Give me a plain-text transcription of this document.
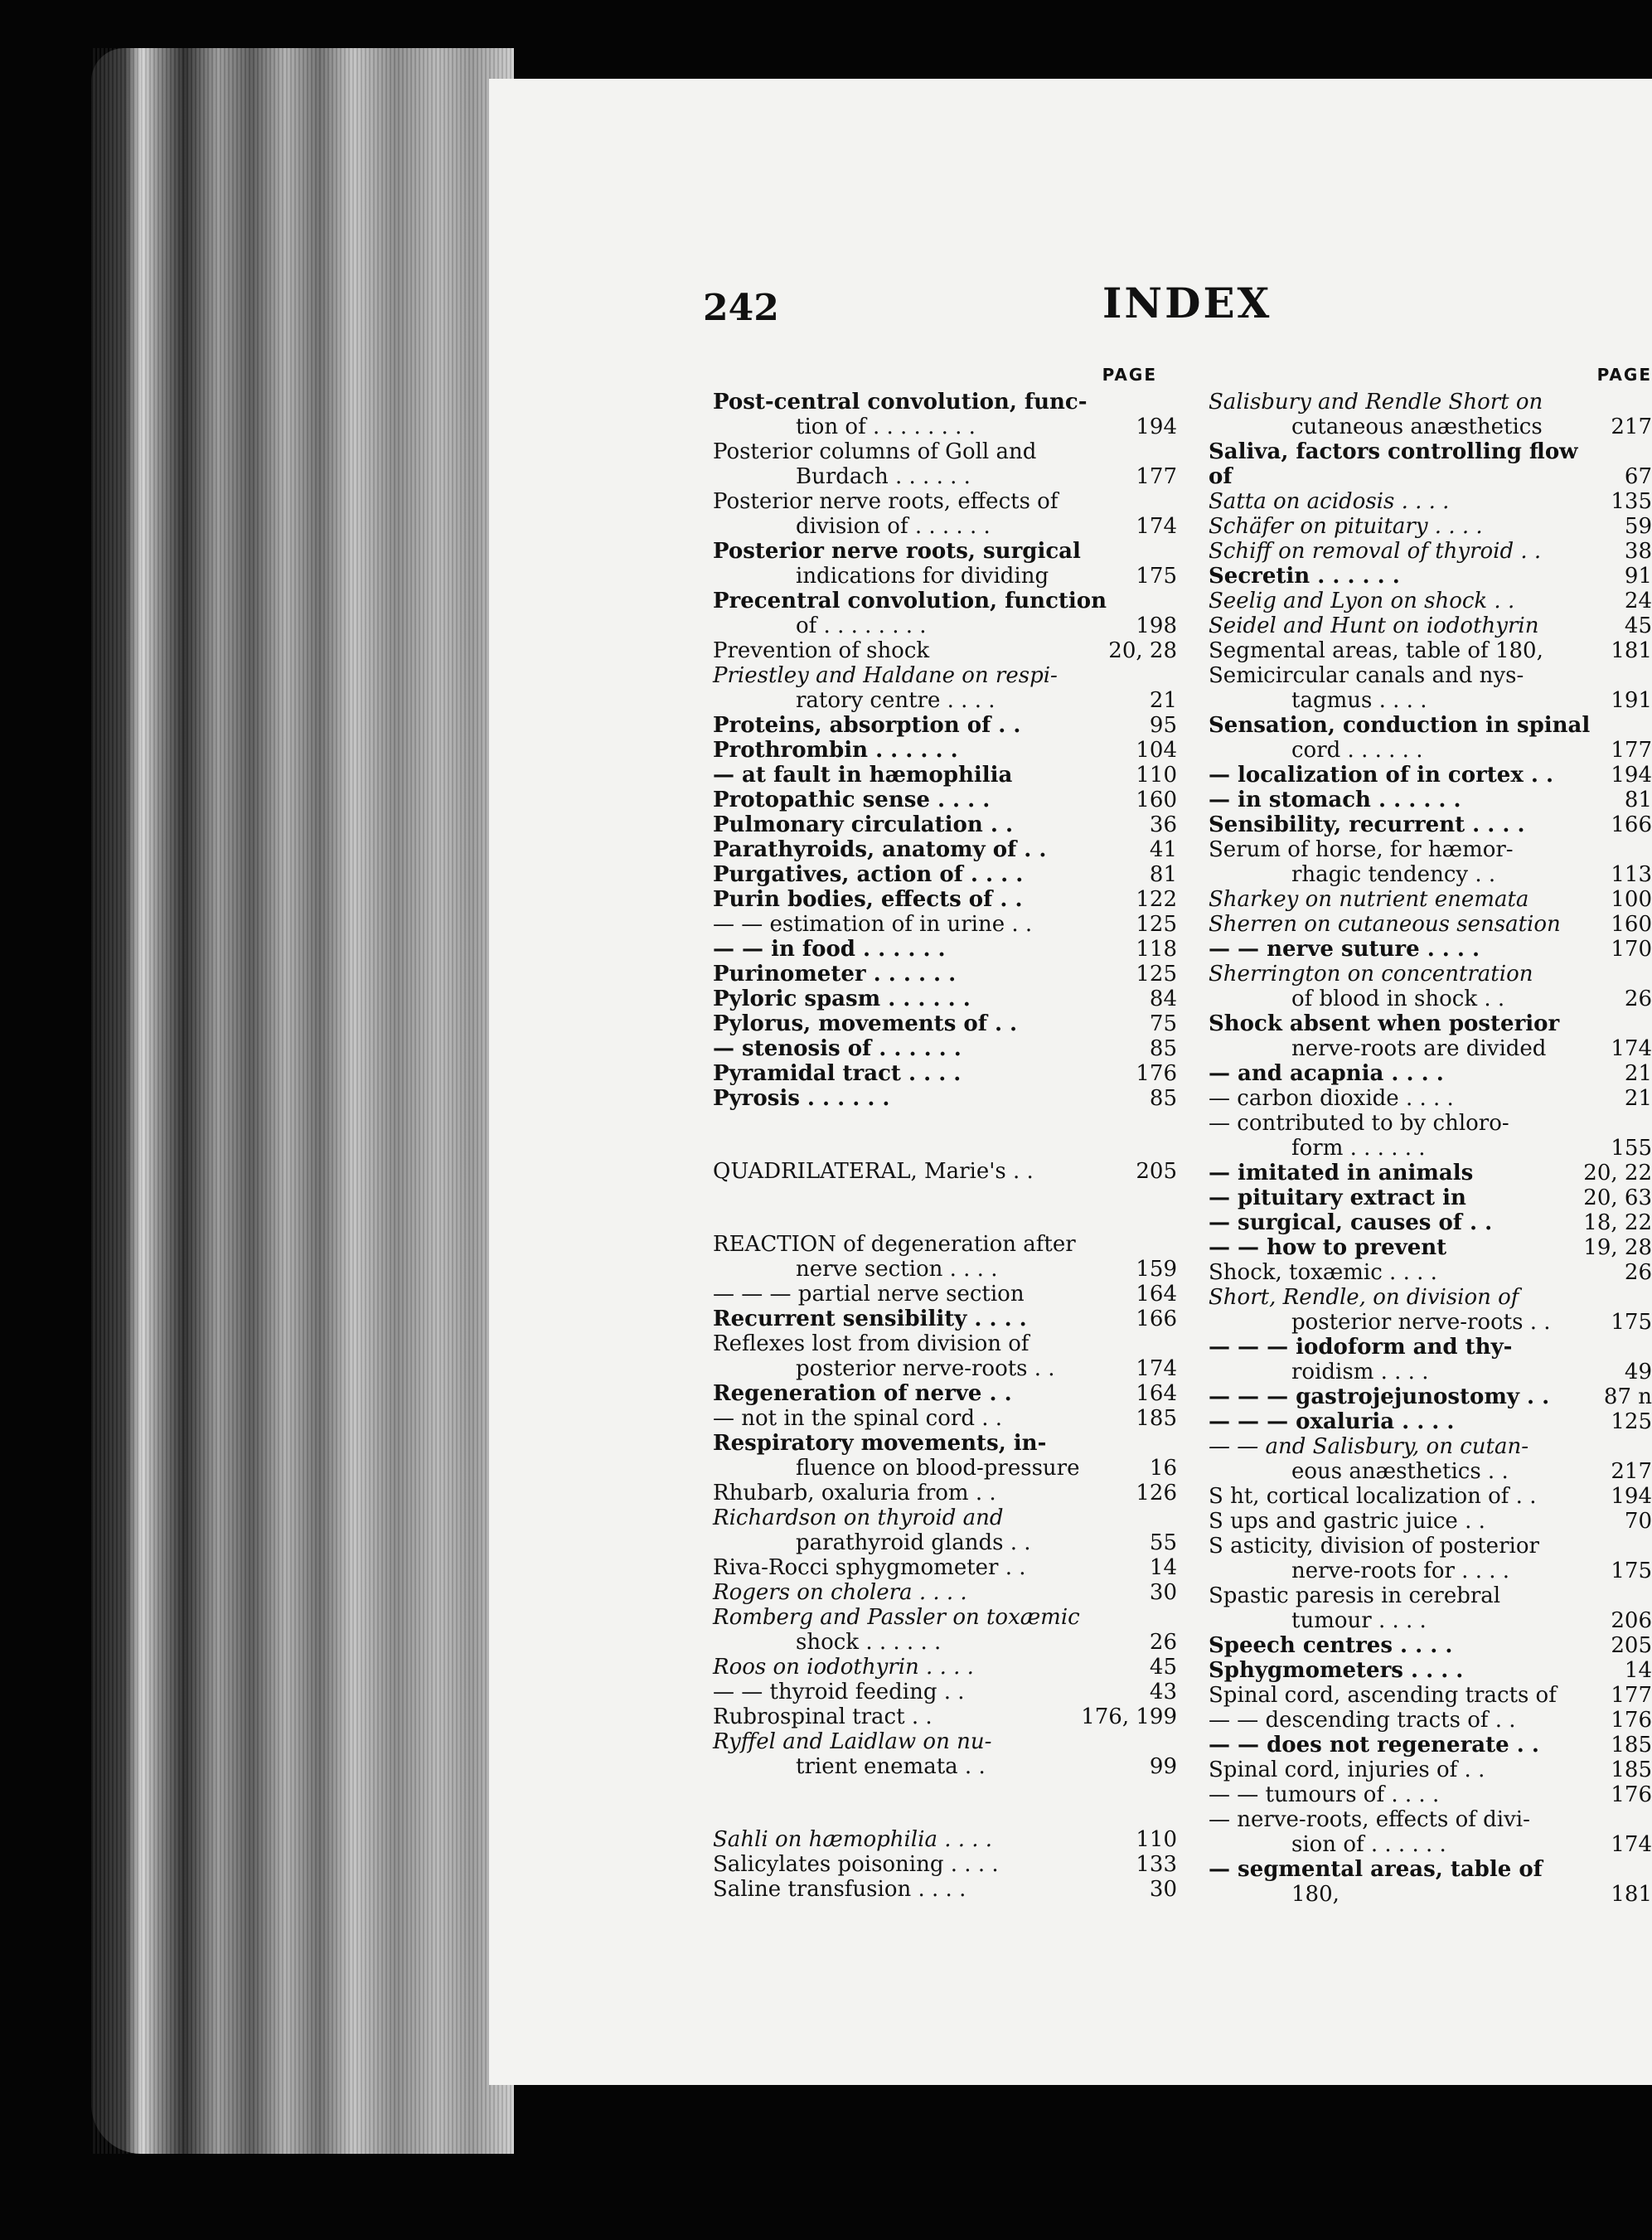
242	INDEX
PAGE
Post-central convolution, func-
tion of . . . . . . . .	194
Posterior columns of Goll and
Burdach . . . . . .	177
Posterior nerve roots, effects of
division of . . . . . .	174
Posterior nerve roots, surgical
indications for dividing	175
Precentral convolution, function
of . . . . . . . .	198
Prevention of shock	20, 28
Priestley and Haldane on respi-
ratory centre . . . .	21
Proteins, absorption of . .	95
Prothrombin . . . . . .	104
— at fault in hæmophilia	110
Protopathic sense . . . .	160
Pulmonary circulation . .	36
Parathyroids, anatomy of . .	41
Purgatives, action of . . . .	81
Purin bodies, effects of . .	122
— — estimation of in urine . .	125
— — in food . . . . . .	118
Purinometer . . . . . .	125
Pyloric spasm . . . . . .	84
Pylorus, movements of . .	75
— stenosis of . . . . . .	85
Pyramidal tract . . . .	176
Pyrosis . . . . . .	85
QUADRILATERAL, Marie's . .	205
REACTION of degeneration after
nerve section . . . .	159
— — — partial nerve section	164
Recurrent sensibility . . . .	166
Reflexes lost from division of
posterior nerve-roots . .	174
Regeneration of nerve . .	164
— not in the spinal cord . .	185
Respiratory movements, in-
fluence on blood-pressure	16
Rhubarb, oxaluria from . .	126
Richardson on thyroid and
parathyroid glands . .	55
Riva-Rocci sphygmometer . .	14
Rogers on cholera . . . .	30
Romberg and Passler on toxæmic
shock . . . . . .	26
Roos on iodothyrin . . . .	45
— — thyroid feeding . .	43
Rubrospinal tract . .	176, 199
Ryffel and Laidlaw on nu-
trient enemata . .	99
Sahli on hæmophilia . . . .	110
Salicylates poisoning . . . .	133
Saline transfusion . . . .	30
PAGE
Salisbury and Rendle Short on
cutaneous anæsthetics	217
Saliva, factors controlling flow of	67
Satta on acidosis . . . .	135
Schäfer on pituitary . . . .	59
Schiff on removal of thyroid . .	38
Secretin . . . . . .	91
Seelig and Lyon on shock . .	24
Seidel and Hunt on iodothyrin	45
Segmental areas, table of 180,	181
Semicircular canals and nys-
tagmus . . . .	191
Sensation, conduction in spinal
cord . . . . . .	177
— localization of in cortex . .	194
— in stomach . . . . . .	81
Sensibility, recurrent . . . .	166
Serum of horse, for hæmor-
rhagic tendency . .	113
Sharkey on nutrient enemata	100
Sherren on cutaneous sensation	160
— — nerve suture . . . .	170
Sherrington on concentration
of blood in shock . .	26
Shock absent when posterior
nerve-roots are divided	174
— and acapnia . . . .	21
— carbon dioxide . . . .	21
— contributed to by chloro-
form . . . . . .	155
— imitated in animals	20, 22
— pituitary extract in	20, 63
— surgical, causes of . .	18, 22
— — how to prevent	19, 28
Shock, toxæmic . . . .	26
Short, Rendle, on division of
posterior nerve-roots . .	175
— — — iodoform and thy-
roidism . . . .	49
— — — gastrojejunostomy . .	87 n
— — — oxaluria . . . .	125
— — and Salisbury, on cutan-
eous anæsthetics . .	217
S ht, cortical localization of . .	194
S ups and gastric juice . .	70
S asticity, division of posterior
nerve-roots for . . . .	175
Spastic paresis in cerebral
tumour . . . .	206
Speech centres . . . .	205
Sphygmometers . . . .	14
Spinal cord, ascending tracts of	177
— — descending tracts of . .	176
— — does not regenerate . .	185
Spinal cord, injuries of . .	185
— — tumours of . . . .	176
— nerve-roots, effects of divi-
sion of . . . . . .	174
— segmental areas, table of
180,	181
